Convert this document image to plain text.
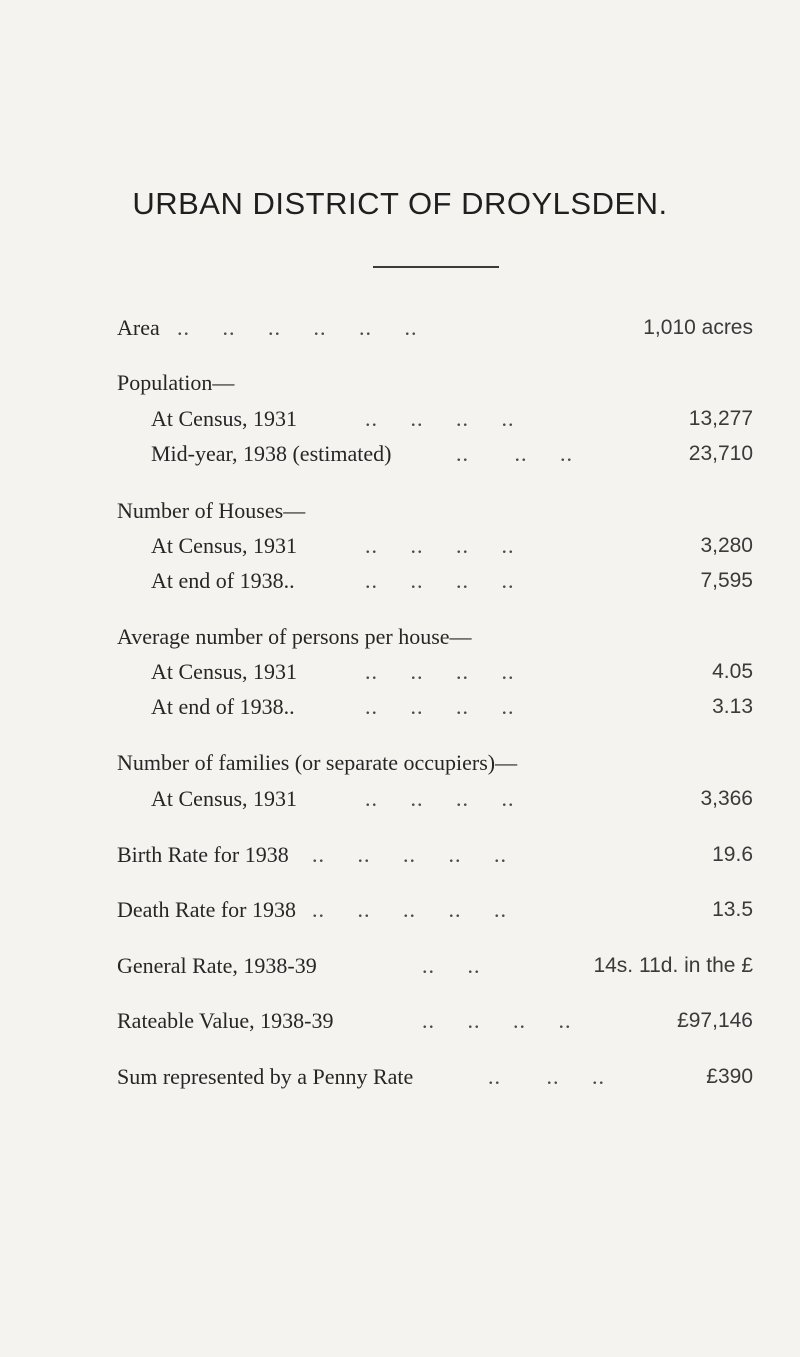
URBAN DISTRICT OF DROYLSDEN.
Area ..     ..     ..     ..     ..     ..	1,010 acres
Population—
At Census, 1931	..     ..     ..     ..	13,277
Mid-year, 1938 (estimated)	..       ..     ..	23,710
Number of Houses—
At Census, 1931	..     ..     ..     ..	3,280
At end of 1938..	..     ..     ..     ..	7,595
Average number of persons per house—
At Census, 1931	..     ..     ..     ..	4.05
At end of 1938..	..     ..     ..     ..	3.13
Number of families (or separate occupiers)—
At Census, 1931	..     ..     ..     ..	3,366
Birth Rate for 1938 ..     ..     ..     ..     ..	19.6
Death Rate for 1938 ..     ..     ..     ..     ..	13.5
General Rate, 1938-39	..     ..	14s. 11d. in the £
Rateable Value, 1938-39	..     ..     ..     ..	£97,146
Sum represented by a Penny Rate	..       ..     ..	£390
